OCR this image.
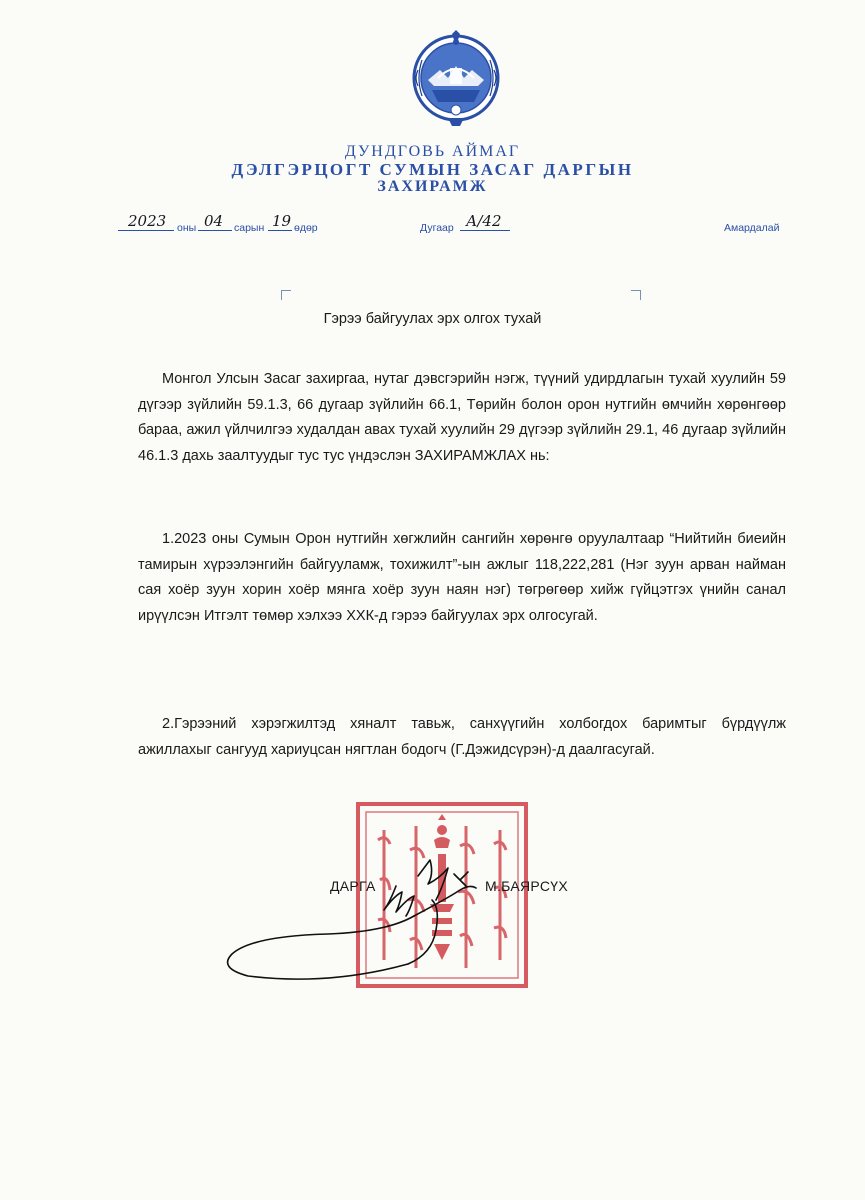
ДУНДГОВЬ АЙМАГ
ДЭЛГЭРЦОГТ СУМЫН ЗАСАГ ДАРГЫН
ЗАХИРАМЖ
2023 оны 04 сарын 19 өдөр	Дугаар А/42	Амардалай
Гэрээ байгуулах эрх олгох тухай

Монгол Улсын Засаг захиргаа, нутаг дэвсгэрийн нэгж, түүний удирдлагын тухай хуулийн 59 дүгээр зүйлийн 59.1.3, 66 дугаар зүйлийн 66.1, Төрийн болон орон нутгийн өмчийн хөрөнгөөр бараа, ажил үйлчилгээ худалдан авах тухай хуулийн 29 дүгээр зүйлийн 29.1, 46 дугаар зүйлийн 46.1.3 дахь заалтуудыг тус тус үндэслэн ЗАХИРАМЖЛАХ нь:

1.2023 оны Сумын Орон нутгийн хөгжлийн сангийн хөрөнгө оруулалтаар “Нийтийн биеийн тамирын хүрээлэнгийн байгууламж, тохижилт”-ын ажлыг 118,222,281 (Нэг зуун арван найман сая хоёр зуун хорин хоёр мянга хоёр зуун наян нэг) төгрөгөөр хийж гүйцэтгэх үнийн санал ирүүлсэн Итгэлт төмөр хэлхээ ХХК-д гэрээ байгуулах эрх олгосугай.

2.Гэрээний хэрэгжилтэд хяналт тавьж, санхүүгийн холбогдох баримтыг бүрдүүлж ажиллахыг сангууд хариуцсан нягтлан бодогч (Г.Дэжидсүрэн)-д даалгасугай.

ДАРГА	М.БАЯРСҮХ
